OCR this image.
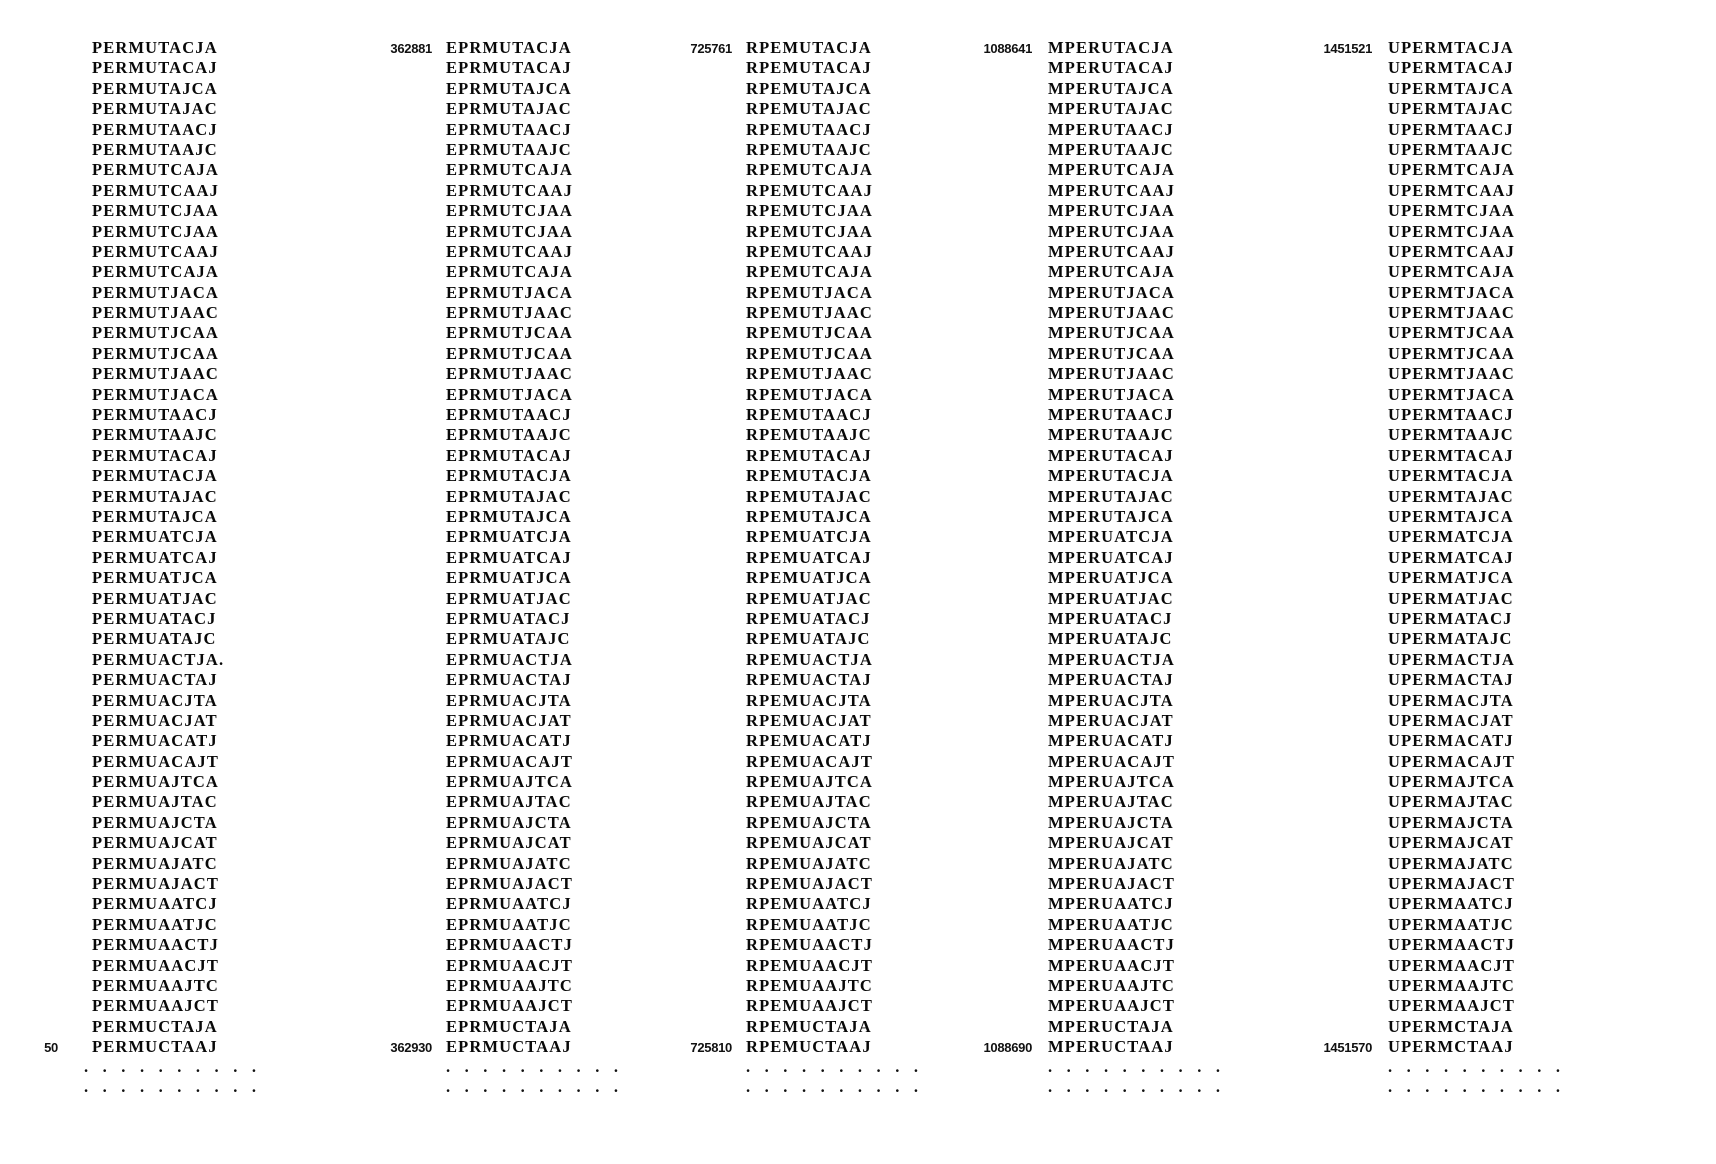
PERMUTACJA
PERMUTACAJ
PERMUTAJCA
PERMUTAJAC
PERMUTAACJ
PERMUTAAJC
PERMUTCAJA
PERMUTCAAJ
PERMUTCJAA
PERMUTCJAA
PERMUTCAAJ
PERMUTCAJA
PERMUTJACA
PERMUTJAAC
PERMUTJCAA
PERMUTJCAA
PERMUTJAAC
PERMUTJACA
PERMUTAACJ
PERMUTAAJC
PERMUTACAJ
PERMUTACJA
PERMUTAJAC
PERMUTAJCA
PERMUATCJA
PERMUATCAJ
PERMUATJCA
PERMUATJAC
PERMUATACJ
PERMUATAJC
PERMUACTJA.
PERMUACTAJ
PERMUACJTA
PERMUACJAT
PERMUACATJ
PERMUACAJT
PERMUAJTCA
PERMUAJTAC
PERMUAJCTA
PERMUAJCAT
PERMUAJATC
PERMUAJACT
PERMUAATCJ
PERMUAATJC
PERMUAACTJ
PERMUAACJT
PERMUAAJTC
PERMUAAJCT
PERMUCTAJA
50	PERMUCTAAJ
. . . . . . . . . .
. . . . . . . . . .
362881 EPRMUTACJA
EPRMUTACAJ
EPRMUTAJCA
EPRMUTAJAC
EPRMUTAACJ
EPRMUTAAJC
EPRMUTCAJA
EPRMUTCAAJ
EPRMUTCJAA
EPRMUTCJAA
EPRMUTCAAJ
EPRMUTCAJA
EPRMUTJACA
EPRMUTJAAC
EPRMUTJCAA
EPRMUTJCAA
EPRMUTJAAC
EPRMUTJACA
EPRMUTAACJ
EPRMUTAAJC
EPRMUTACAJ
EPRMUTACJA
EPRMUTAJAC
EPRMUTAJCA
EPRMUATCJA
EPRMUATCAJ
EPRMUATJCA
EPRMUATJAC
EPRMUATACJ
EPRMUATAJC
EPRMUACTJA
EPRMUACTAJ
EPRMUACJTA
EPRMUACJAT
EPRMUACATJ
EPRMUACAJT
EPRMUAJTCA
EPRMUAJTAC
EPRMUAJCTA
EPRMUAJCAT
EPRMUAJATC
EPRMUAJACT
EPRMUAATCJ
EPRMUAATJC
EPRMUAACTJ
EPRMUAACJT
EPRMUAAJTC
EPRMUAAJCT
EPRMUCTAJA
362930 EPRMUCTAAJ
. . . . . . . . . .
. . . . . . . . . .
725761 RPEMUTACJA
RPEMUTACAJ
RPEMUTAJCA
RPEMUTAJAC
RPEMUTAACJ
RPEMUTAAJC
RPEMUTCAJA
RPEMUTCAAJ
RPEMUTCJAA
RPEMUTCJAA
RPEMUTCAAJ
RPEMUTCAJA
RPEMUTJACA
RPEMUTJAAC
RPEMUTJCAA
RPEMUTJCAA
RPEMUTJAAC
RPEMUTJACA
RPEMUTAACJ
RPEMUTAAJC
RPEMUTACAJ
RPEMUTACJA
RPEMUTAJAC
RPEMUTAJCA
RPEMUATCJA
RPEMUATCAJ
RPEMUATJCA
RPEMUATJAC
RPEMUATACJ
RPEMUATAJC
RPEMUACTJA
RPEMUACTAJ
RPEMUACJTA
RPEMUACJAT
RPEMUACATJ
RPEMUACAJT
RPEMUAJTCA
RPEMUAJTAC
RPEMUAJCTA
RPEMUAJCAT
RPEMUAJATC
RPEMUAJACT
RPEMUAATCJ
RPEMUAATJC
RPEMUAACTJ
RPEMUAACJT
RPEMUAAJTC
RPEMUAAJCT
RPEMUCTAJA
725810 RPEMUCTAAJ
. . . . . . . . . .
. . . . . . . . . .
1088641 MPERUTACJA
MPERUTACAJ
MPERUTAJCA
MPERUTAJAC
MPERUTAACJ
MPERUTAAJC
MPERUTCAJA
MPERUTCAAJ
MPERUTCJAA
MPERUTCJAA
MPERUTCAAJ
MPERUTCAJA
MPERUTJACA
MPERUTJAAC
MPERUTJCAA
MPERUTJCAA
MPERUTJAAC
MPERUTJACA
MPERUTAACJ
MPERUTAAJC
MPERUTACAJ
MPERUTACJA
MPERUTAJAC
MPERUTAJCA
MPERUATCJA
MPERUATCAJ
MPERUATJCA
MPERUATJAC
MPERUATACJ
MPERUATAJC
MPERUACTJA
MPERUACTAJ
MPERUACJTA
MPERUACJAT
MPERUACATJ
MPERUACAJT
MPERUAJTCA
MPERUAJTAC
MPERUAJCTA
MPERUAJCAT
MPERUAJATC
MPERUAJACT
MPERUAATCJ
MPERUAATJC
MPERUAACTJ
MPERUAACJT
MPERUAAJTC
MPERUAAJCT
MPERUCTAJA
1088690 MPERUCTAAJ
. . . . . . . . . .
. . . . . . . . . .
1451521 UPERMTACJA
UPERMTACAJ
UPERMTAJCA
UPERMTAJAC
UPERMTAACJ
UPERMTAAJC
UPERMTCAJA
UPERMTCAAJ
UPERMTCJAA
UPERMTCJAA
UPERMTCAAJ
UPERMTCAJA
UPERMTJACA
UPERMTJAAC
UPERMTJCAA
UPERMTJCAA
UPERMTJAAC
UPERMTJACA
UPERMTAACJ
UPERMTAAJC
UPERMTACAJ
UPERMTACJA
UPERMTAJAC
UPERMTAJCA
UPERMATCJA
UPERMATCAJ
UPERMATJCA
UPERMATJAC
UPERMATACJ
UPERMATAJC
UPERMACTJA
UPERMACTAJ
UPERMACJTA
UPERMACJAT
UPERMACATJ
UPERMACAJT
UPERMAJTCA
UPERMAJTAC
UPERMAJCTA
UPERMAJCAT
UPERMAJATC
UPERMAJACT
UPERMAATCJ
UPERMAATJC
UPERMAACTJ
UPERMAACJT
UPERMAAJTC
UPERMAAJCT
UPERMCTAJA
1451570 UPERMCTAAJ
. . . . . . . . . .
. . . . . . . . . .
